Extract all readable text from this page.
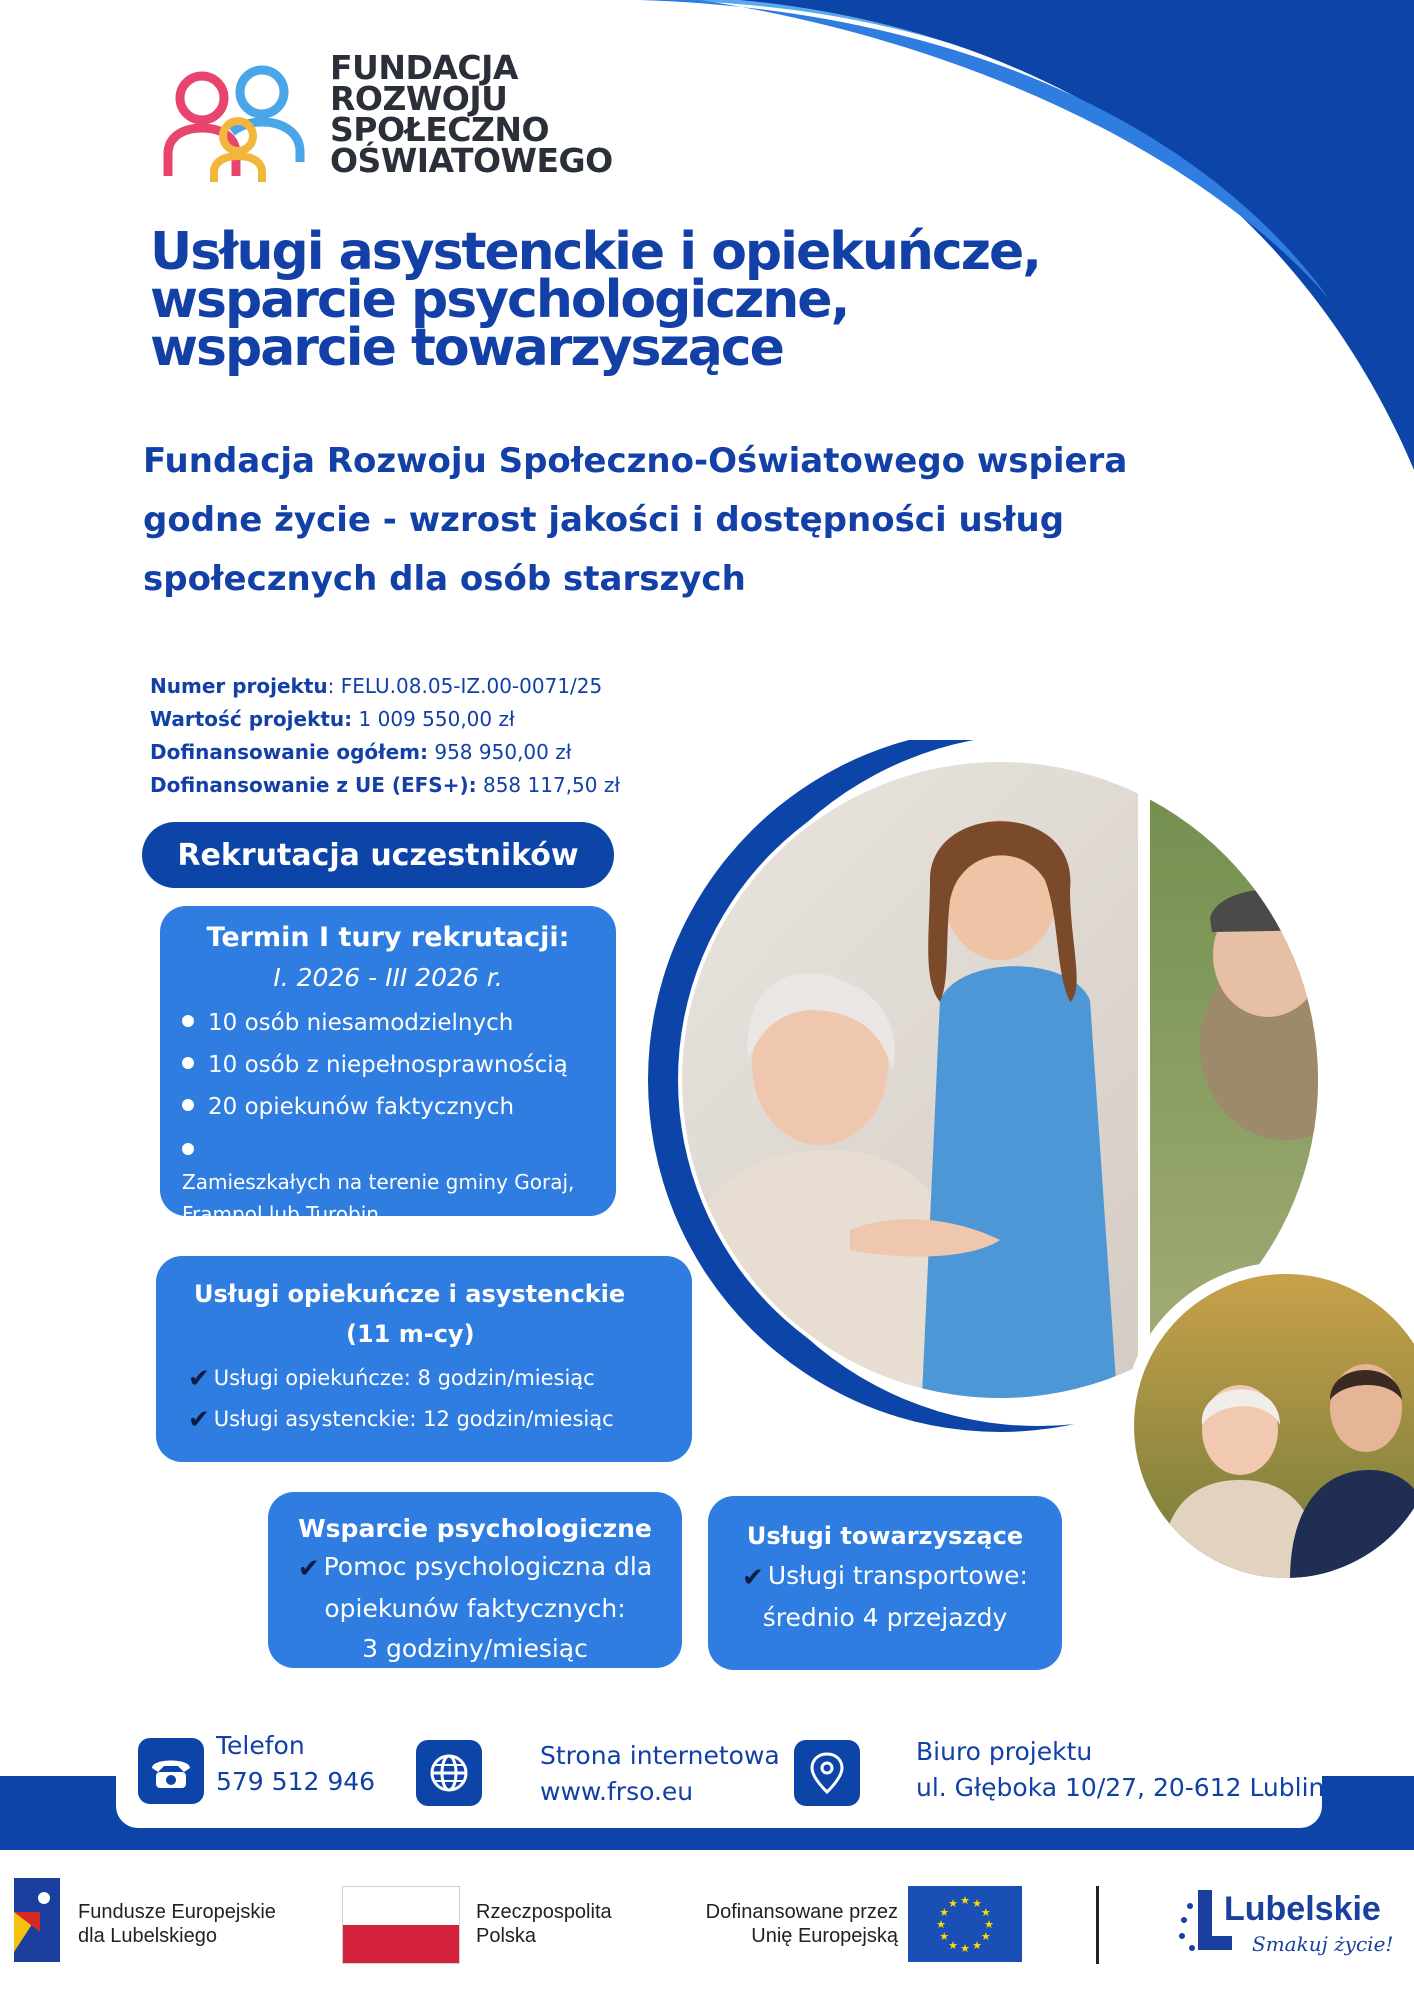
FUNDACJA
ROZWOJU
SPOŁECZNO
OŚWIATOWEGO
Usługi asystenckie i opiekuńcze,
wsparcie psychologiczne,
wsparcie towarzyszące
Fundacja Rozwoju Społeczno-Oświatowego wspiera godne życie - wzrost jakości i dostępności usług społecznych dla osób starszych
Numer projektu: FELU.08.05-IZ.00-0071/25
Wartość projektu: 1 009 550,00 zł
Dofinansowanie ogółem: 958 950,00 zł
Dofinansowanie z UE (EFS+): 858 117,50 zł
Rekrutacja uczestników
Termin I tury rekrutacji:
I. 2026 - III 2026 r.
10 osób niesamodzielnych
10 osób z niepełnosprawnością
20 opiekunów faktycznych
Zamieszkałych na terenie gminy Goraj, Frampol lub Turobin
Usługi opiekuńcze i asystenckie
(11 m-cy)
✔ Usługi opiekuńcze: 8 godzin/miesiąc
✔ Usługi asystenckie: 12 godzin/miesiąc
Wsparcie psychologiczne
✔ Pomoc psychologiczna dla
opiekunów faktycznych:
3 godziny/miesiąc
Usługi towarzyszące
✔ Usługi transportowe:
średnio 4 przejazdy
Telefon
579 512 946
Strona internetowa
www.frso.eu
Biuro projektu
ul. Głęboka 10/27, 20-612 Lublin
Fundusze Europejskie
dla Lubelskiego
Rzeczpospolita
Polska
Dofinansowane przez
Unię Europejską
★
★
★
★
★
★
★
★
★ ★ ★
★	Lubelskie
Smakuj życie!
